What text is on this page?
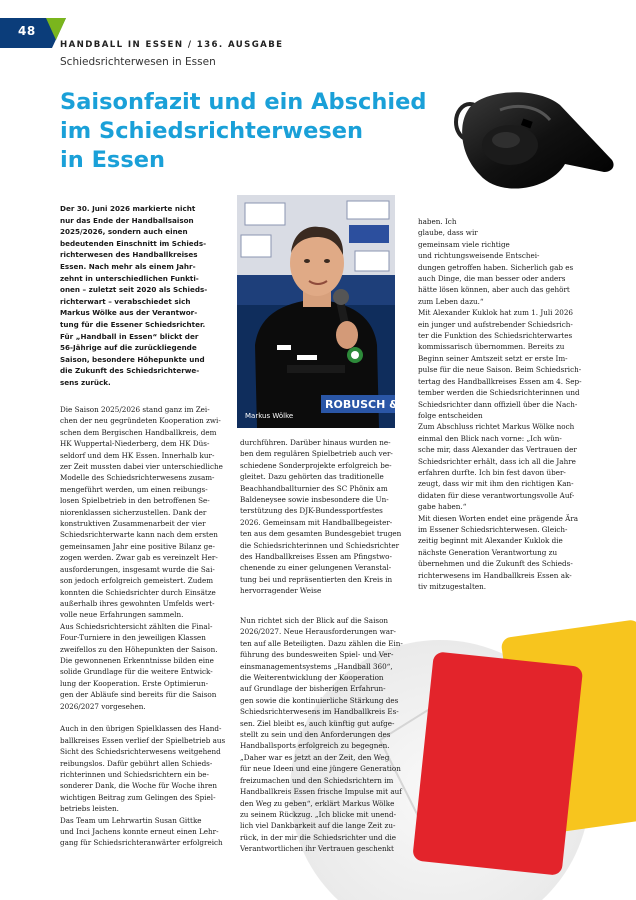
48
HANDBALL IN ESSEN / 136. AUSGABE
Schiedsrichterwesen in Essen
Saisonfazit und ein Abschied
im Schiedsrichterwesen
in Essen
Der 30. Juni 2026 markierte nicht
nur das Ende der Handballsaison
2025/2026, sondern auch einen
bedeutenden Einschnitt im Schieds-
richterwesen des Handballkreises
Essen. Nach mehr als einem Jahr-
zehnt in unterschiedlichen Funkti-
onen – zuletzt seit 2020 als Schieds-
richterwart – verabschiedet sich
Markus Wölke aus der Verantwor-
tung für die Essener Schiedsrichter.
Für „Handball in Essen“ blickt der
56-Jährige auf die zurückliegende
Saison, besondere Höhepunkte und
die Zukunft des Schiedsrichterwe-
sens zurück.
ROBUSCH & K
Markus Wölke
Die Saison 2025/2026 stand ganz im Zei-
chen der neu gegründeten Kooperation zwi-
schen dem Bergischen Handballkreis, dem
HK Wuppertal-Niederberg, dem HK Düs-
seldorf und dem HK Essen. Innerhalb kur-
zer Zeit mussten dabei vier unterschiedliche
Modelle des Schiedsrichterwesens zusam-
mengeführt werden, um einen reibungs-
losen Spielbetrieb in den betroffenen Se-
niorenklassen sicherzustellen. Dank der
konstruktiven Zusammenarbeit der vier
Schiedsrichterwarte kann nach dem ersten
gemeinsamen Jahr eine positive Bilanz ge-
zogen werden. Zwar gab es vereinzelt Her-
ausforderungen, insgesamt wurde die Sai-
son jedoch erfolgreich gemeistert. Zudem
konnten die Schiedsrichter durch Einsätze
außerhalb ihres gewohnten Umfelds wert-
volle neue Erfahrungen sammeln.
Aus Schiedsrichtersicht zählten die Final-
Four-Turniere in den jeweiligen Klassen
zweifellos zu den Höhepunkten der Saison.
Die gewonnenen Erkenntnisse bilden eine
solide Grundlage für die weitere Entwick-
lung der Kooperation. Erste Optimierun-
gen der Abläufe sind bereits für die Saison
2026/2027 vorgesehen.

Auch in den übrigen Spielklassen des Hand-
ballkreises Essen verlief der Spielbetrieb aus
Sicht des Schiedsrichterwesens weitgehend
reibungslos. Dafür gebührt allen Schieds-
richterinnen und Schiedsrichtern ein be-
sonderer Dank, die Woche für Woche ihren
wichtigen Beitrag zum Gelingen des Spiel-
betriebs leisten.
Das Team um Lehrwartin Susan Gittke
und Inci Jachens konnte erneut einen Lehr-
gang für Schiedsrichteranwärter erfolgreich
durchführen. Darüber hinaus wurden ne-
ben dem regulären Spielbetrieb auch ver-
schiedene Sonderprojekte erfolgreich be-
gleitet. Dazu gehörten das traditionelle
Beachhandballturnier des SC Phönix am
Baldeneysee sowie insbesondere die Un-
terstützung des DJK-Bundessportfestes
2026. Gemeinsam mit Handballbegeister-
ten aus dem gesamten Bundesgebiet trugen
die Schiedsrichterinnen und Schiedsrichter
des Handballkreises Essen am Pfingstwo-
chenende zu einer gelungenen Veranstal-
tung bei und repräsentierten den Kreis in
hervorragender Weise
Nun richtet sich der Blick auf die Saison
2026/2027. Neue Herausforderungen war-
ten auf alle Beteiligten. Dazu zählen die Ein-
führung des bundesweiten Spiel- und Ver-
einsmanagementsystems „Handball 360“,
die Weiterentwicklung der Kooperation
auf Grundlage der bisherigen Erfahrun-
gen sowie die kontinuierliche Stärkung des
Schiedsrichterwesens im Handballkreis Es-
sen. Ziel bleibt es, auch künftig gut aufge-
stellt zu sein und den Anforderungen des
Handballsports erfolgreich zu begegnen.
„Daher war es jetzt an der Zeit, den Weg
für neue Ideen und eine jüngere Generation
freizumachen und den Schiedsrichtern im
Handballkreis Essen frische Impulse mit auf
den Weg zu geben“, erklärt Markus Wölke
zu seinem Rückzug. „Ich blicke mit unend-
lich viel Dankbarkeit auf die lange Zeit zu-
rück, in der mir die Schiedsrichter und die
Verantwortlichen ihr Vertrauen geschenkt
haben. Ich
glaube, dass wir
gemeinsam viele richtige
und richtungsweisende Entschei-
dungen getroffen haben. Sicherlich gab es
auch Dinge, die man besser oder anders
hätte lösen können, aber auch das gehört
zum Leben dazu.“
Mit Alexander Kuklok hat zum 1. Juli 2026
ein junger und aufstrebender Schiedsrich-
ter die Funktion des Schiedsrichterwartes
kommissarisch übernommen. Bereits zu
Beginn seiner Amtszeit setzt er erste Im-
pulse für die neue Saison. Beim Schiedsrich-
tertag des Handballkreises Essen am 4. Sep-
tember werden die Schiedsrichterinnen und
Schiedsrichter dann offiziell über die Nach-
folge entscheiden
Zum Abschluss richtet Markus Wölke noch
einmal den Blick nach vorne: „Ich wün-
sche mir, dass Alexander das Vertrauen der
Schiedsrichter erhält, dass ich all die Jahre
erfahren durfte. Ich bin fest davon über-
zeugt, dass wir mit ihm den richtigen Kan-
didaten für diese verantwortungsvolle Auf-
gabe haben.“
Mit diesen Worten endet eine prägende Ära
im Essener Schiedsrichterwesen. Gleich-
zeitig beginnt mit Alexander Kuklok die
nächste Generation Verantwortung zu
übernehmen und die Zukunft des Schieds-
richterwesens im Handballkreis Essen ak-
tiv mitzugestalten.
